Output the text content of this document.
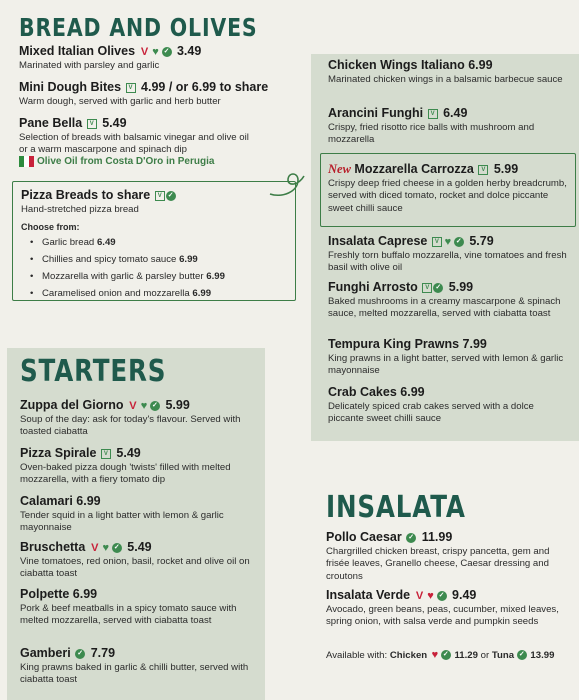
BREAD AND OLIVES
Mixed Italian Olives V ♥ ✓ 3.49
Marinated with parsley and garlic
Mini Dough Bites V 4.99 / or 6.99 to share
Warm dough, served with garlic and herb butter
Pane Bella V 5.49
Selection of breads with balsamic vinegar and olive oil or a warm mascarpone and spinach dip
Olive Oil from Costa D'Oro in Perugia
Pizza Breads to share V ✓
Hand-stretched pizza bread
Choose from:
• Garlic bread 6.49
• Chillies and spicy tomato sauce 6.99
• Mozzarella with garlic & parsley butter 6.99
• Caramelised onion and mozzarella 6.99
Chicken Wings Italiano 6.99
Marinated chicken wings in a balsamic barbecue sauce
Arancini Funghi V 6.49
Crispy, fried risotto rice balls with mushroom and mozzarella
New Mozzarella Carrozza V 5.99
Crispy deep fried cheese in a golden herby breadcrumb, served with diced tomato, rocket and dolce piccante sweet chilli sauce
Insalata Caprese V ♥ ✓ 5.79
Freshly torn buffalo mozzarella, vine tomatoes and fresh basil with olive oil
Funghi Arrosto V ✓ 5.99
Baked mushrooms in a creamy mascarpone & spinach sauce, melted mozzarella, served with ciabatta toast
Tempura King Prawns 7.99
King prawns in a light batter, served with lemon & garlic mayonnaise
Crab Cakes 6.99
Delicately spiced crab cakes served with a dolce piccante sweet chilli sauce
STARTERS
Zuppa del Giorno V ♥ ✓ 5.99
Soup of the day: ask for today's flavour. Served with toasted ciabatta
Pizza Spirale V 5.49
Oven-baked pizza dough 'twists' filled with melted mozzarella, with a fiery tomato dip
Calamari 6.99
Tender squid in a light batter with lemon & garlic mayonnaise
Bruschetta V ♥ ✓ 5.49
Vine tomatoes, red onion, basil, rocket and olive oil on ciabatta toast
Polpette 6.99
Pork & beef meatballs in a spicy tomato sauce with melted mozzarella, served with ciabatta toast
Gamberi ✓ 7.79
King prawns baked in garlic & chilli butter, served with ciabatta toast
INSALATA
Pollo Caesar ✓ 11.99
Chargrilled chicken breast, crispy pancetta, gem and frisée leaves, Granello cheese, Caesar dressing and croutons
Insalata Verde V ♥ ✓ 9.49
Avocado, green beans, peas, cucumber, mixed leaves, spring onion, with salsa verde and pumpkin seeds
Available with: Chicken ♥ ✓ 11.29 or Tuna ✓ 13.99
